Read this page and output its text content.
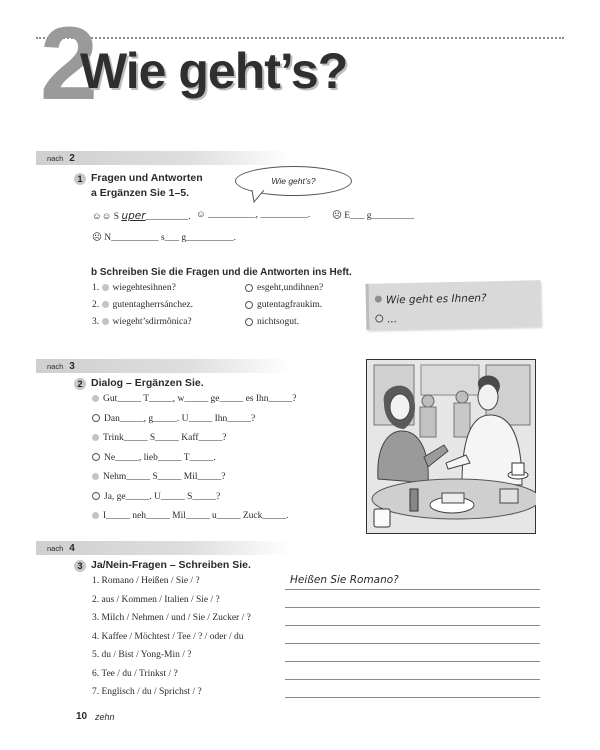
2
Wie geht’s?
nach 2
1 Fragen und Antworten
a Ergänzen Sie 1–5.
Wie geht’s?
☺☺ S uper_________. ☺ __________, __________. ☹ E___ g_________
☹ N__________ s___ g__________.
b Schreiben Sie die Fragen und die Antworten ins Heft.
1. wiegehtesihnen?
2. gutentagherrsánchez.
3. wiegeht’sdirmônica?
esgeht,undihnen?
gutentagfraukim.
nichtsogut.
Wie geht es Ihnen?
...
nach 3
2 Dialog – Ergänzen Sie.
Gut_____ T_____, w_____ ge_____ es Ihn_____?
Dan_____, g_____. U_____ Ihn_____?
Trink_____ S_____ Kaff_____?
Ne_____, lieb_____ T_____.
Nehm_____ S_____ Mil_____?
Ja, ge_____. U_____ S_____?
I_____ neh_____ Mil_____ u_____ Zuck_____.
nach 4
3 Ja/Nein-Fragen – Schreiben Sie.
1. Romano / Heißen / Sie / ?
2. aus / Kommen / Italien / Sie / ?
3. Milch / Nehmen / und / Sie / Zucker / ?
4. Kaffee / Möchtest / Tee / ? / oder / du
5. du / Bist / Yong-Min / ?
6. Tee / du / Trinkst / ?
7. Englisch / du / Sprichst / ?
Heißen Sie Romano?
10 zehn
